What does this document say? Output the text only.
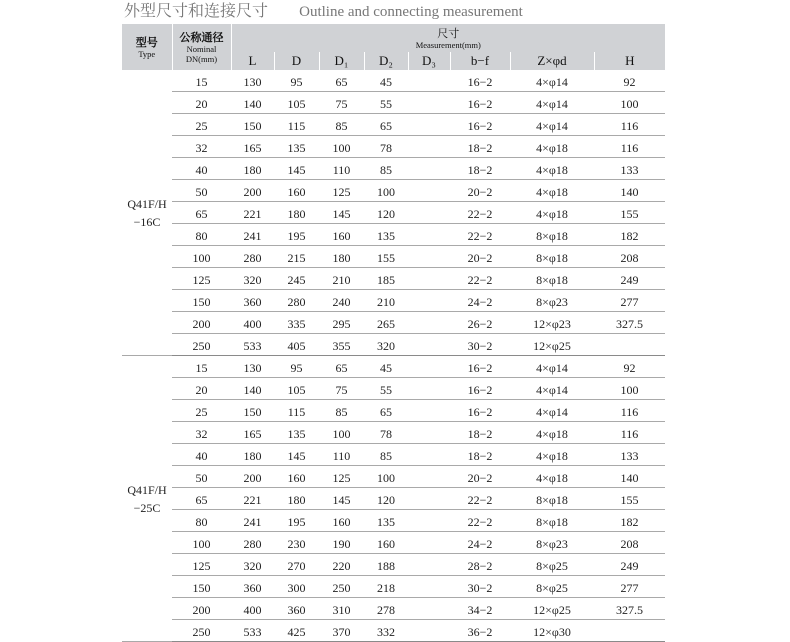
外型尺寸和连接尺寸 Outline and connecting measurement
型号
Type	公称通径
Nominal
DN(mm)	尺寸
Measurement(mm)							

		L	D	D₁	D₂	D₃	b−f	Z×φd	H

Q41F/H
−16C	15	130	95	65	45		16−2	4×φ14	92
	20	140	105	75	55		16−2	4×φ14	100
	25	150	115	85	65		16−2	4×φ14	116
	32	165	135	100	78		18−2	4×φ18	116
	40	180	145	110	85		18−2	4×φ18	133
	50	200	160	125	100		20−2	4×φ18	140
	65	221	180	145	120		22−2	4×φ18	155
	80	241	195	160	135		22−2	8×φ18	182
	100	280	215	180	155		20−2	8×φ18	208
	125	320	245	210	185		22−2	8×φ18	249
	150	360	280	240	210		24−2	8×φ23	277
	200	400	335	295	265		26−2	12×φ23	327.5
	250	533	405	355	320		30−2	12×φ25	

Q41F/H
−25C	15	130	95	65	45		16−2	4×φ14	92
	20	140	105	75	55		16−2	4×φ14	100
	25	150	115	85	65		16−2	4×φ14	116
	32	165	135	100	78		18−2	4×φ18	116
	40	180	145	110	85		18−2	4×φ18	133
	50	200	160	125	100		20−2	4×φ18	140
	65	221	180	145	120		22−2	8×φ18	155
	80	241	195	160	135		22−2	8×φ18	182
	100	280	230	190	160		24−2	8×φ23	208
	125	320	270	220	188		28−2	8×φ25	249
	150	360	300	250	218		30−2	8×φ25	277
	200	400	360	310	278		34−2	12×φ25	327.5
	250	533	425	370	332		36−2	12×φ30	
